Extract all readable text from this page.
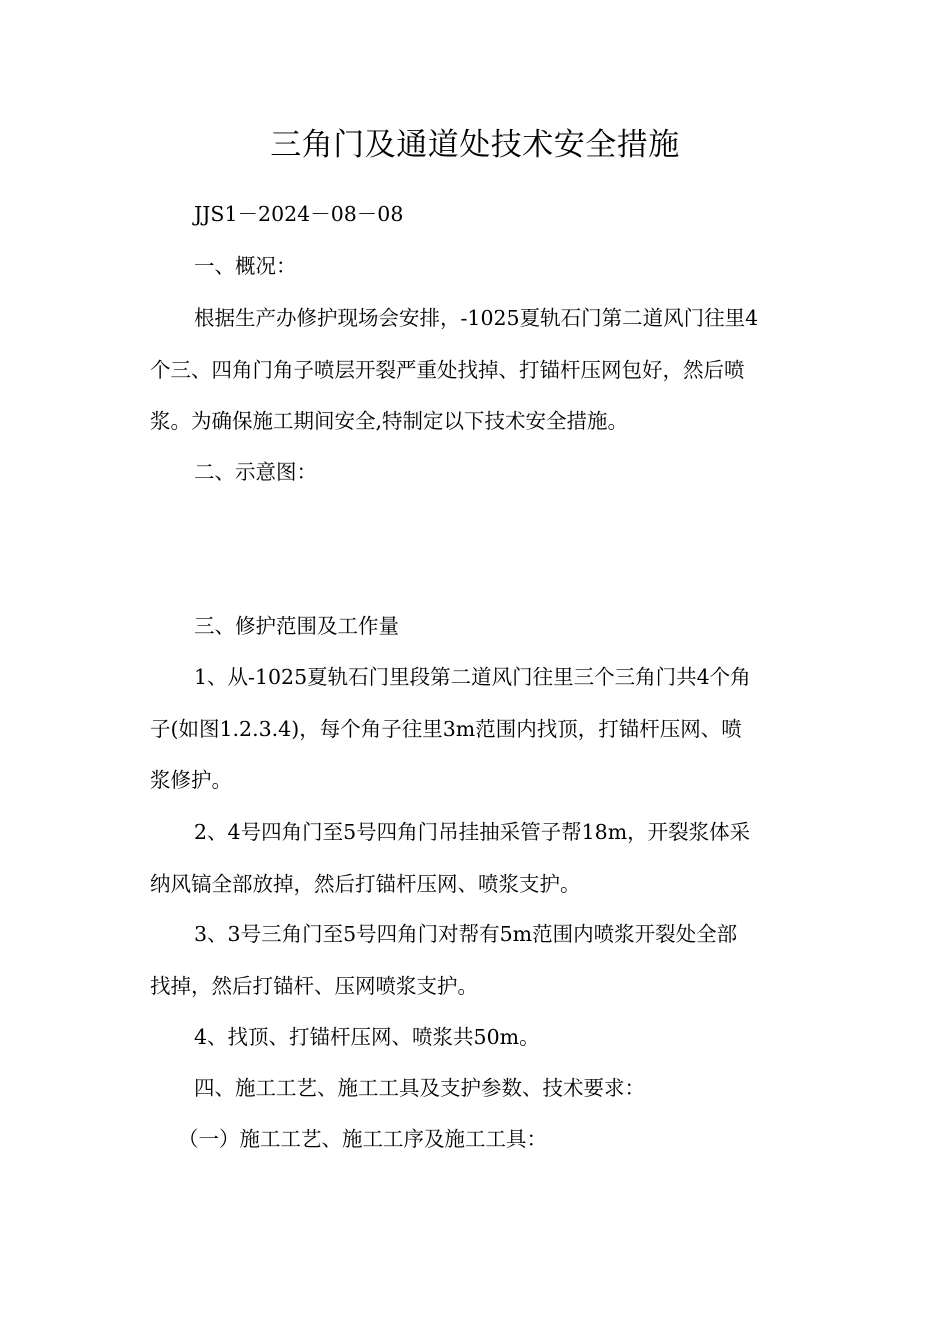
三角门及通道处技术安全措施

JJS1－2024－08－08

一、概况：

根据生产办修护现场会安排，-1025夏轨石门第二道风门往里4
个三、四角门角子喷层开裂严重处找掉、打锚杆压网包好，然后喷
浆。为确保施工期间安全,特制定以下技术安全措施。

二、示意图：

三、修护范围及工作量

1、从-1025夏轨石门里段第二道风门往里三个三角门共4个角
子(如图1.2.3.4)，每个角子往里3m范围内找顶，打锚杆压网、喷
浆修护。

2、4号四角门至5号四角门吊挂抽采管子帮18m，开裂浆体采
纳风镐全部放掉，然后打锚杆压网、喷浆支护。

3、3号三角门至5号四角门对帮有5m范围内喷浆开裂处全部
找掉，然后打锚杆、压网喷浆支护。

4、找顶、打锚杆压网、喷浆共50m。

四、施工工艺、施工工具及支护参数、技术要求：

（一）施工工艺、施工工序及施工工具：
